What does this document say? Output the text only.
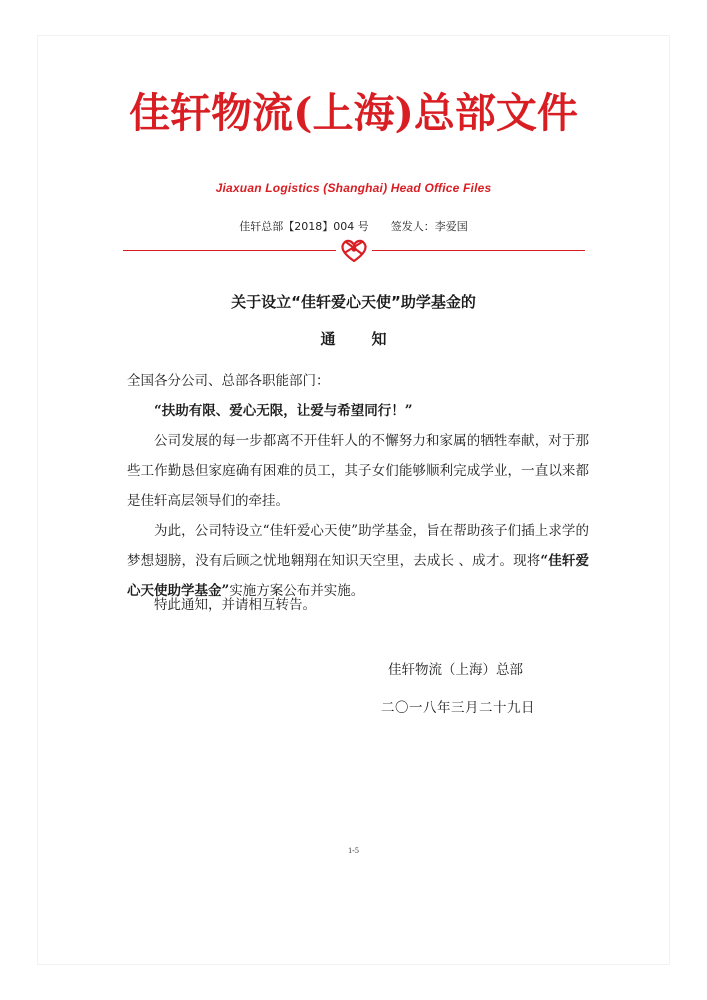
佳轩物流(上海)总部文件
Jiaxuan Logistics (Shanghai) Head Office Files
佳轩总部【2018】004 号 签发人：李爱国
关于设立“佳轩爱心天使”助学基金的
通知
全国各分公司、总部各职能部门：
“扶助有限、爱心无限，让爱与希望同行！”
公司发展的每一步都离不开佳轩人的不懈努力和家属的牺牲奉献，对于那些工作勤恳但家庭确有困难的员工，其子女们能够顺利完成学业，一直以来都是佳轩高层领导们的牵挂。
为此，公司特设立“佳轩爱心天使”助学基金，旨在帮助孩子们插上求学的梦想翅膀，没有后顾之忧地翱翔在知识天空里，去成长 、成才。现将“佳轩爱心天使助学基金”实施方案公布并实施。
特此通知，并请相互转告。
佳轩物流（上海）总部
二〇一八年三月二十九日
1-5
